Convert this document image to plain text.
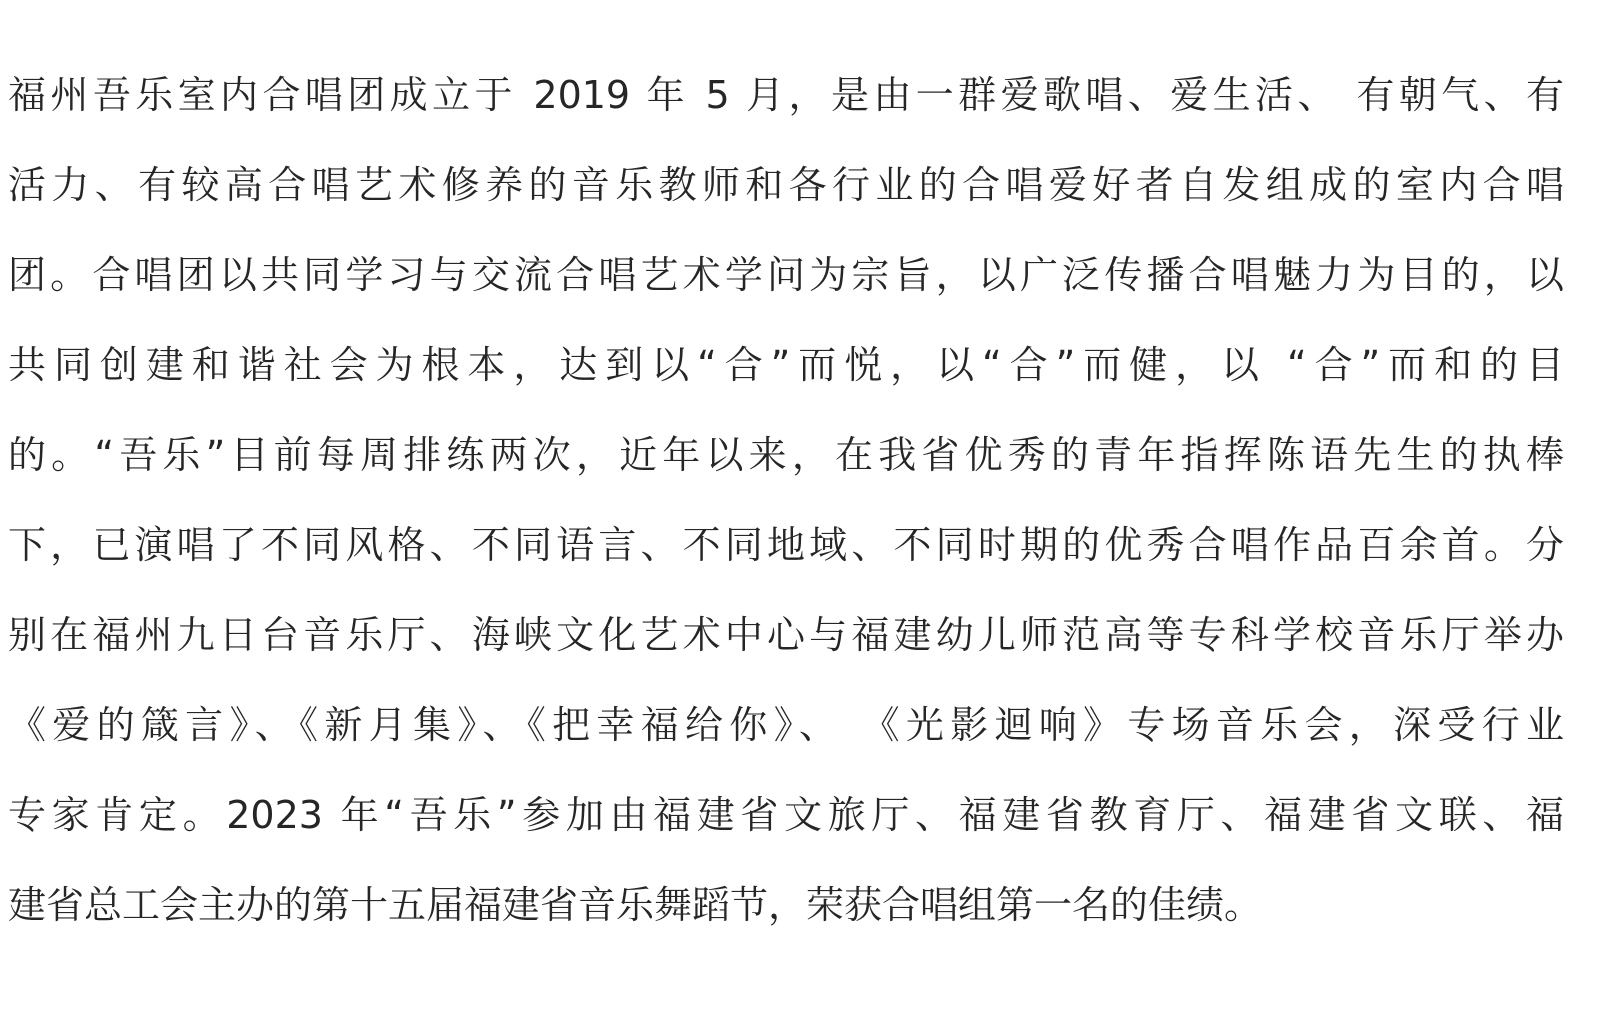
福州吾乐室内合唱团成立于 2019 年 5 月，是由一群爱歌唱、爱生活、 有朝气、有
活力、有较高合唱艺术修养的音乐教师和各行业的合唱爱好者自发组成的室内合唱
团。合唱团以共同学习与交流合唱艺术学问为宗旨，以广泛传播合唱魅力为目的，以
共同创建和谐社会为根本，达到以“合”而悦，以“合”而健，以 “合”而和的目
的。“吾乐”目前每周排练两次，近年以来，在我省优秀的青年指挥陈语先生的执棒
下，已演唱了不同风格、不同语言、不同地域、不同时期的优秀合唱作品百余首。分
别在福州九日台音乐厅、海峡文化艺术中心与福建幼儿师范高等专科学校音乐厅举办
《爱的箴言》、《新月集》、《把幸福给你》、 《光影迴响》专场音乐会，深受行业
专家肯定。2023 年“吾乐”参加由福建省文旅厅、福建省教育厅、福建省文联、福
建省总工会主办的第十五届福建省音乐舞蹈节，荣获合唱组第一名的佳绩。
